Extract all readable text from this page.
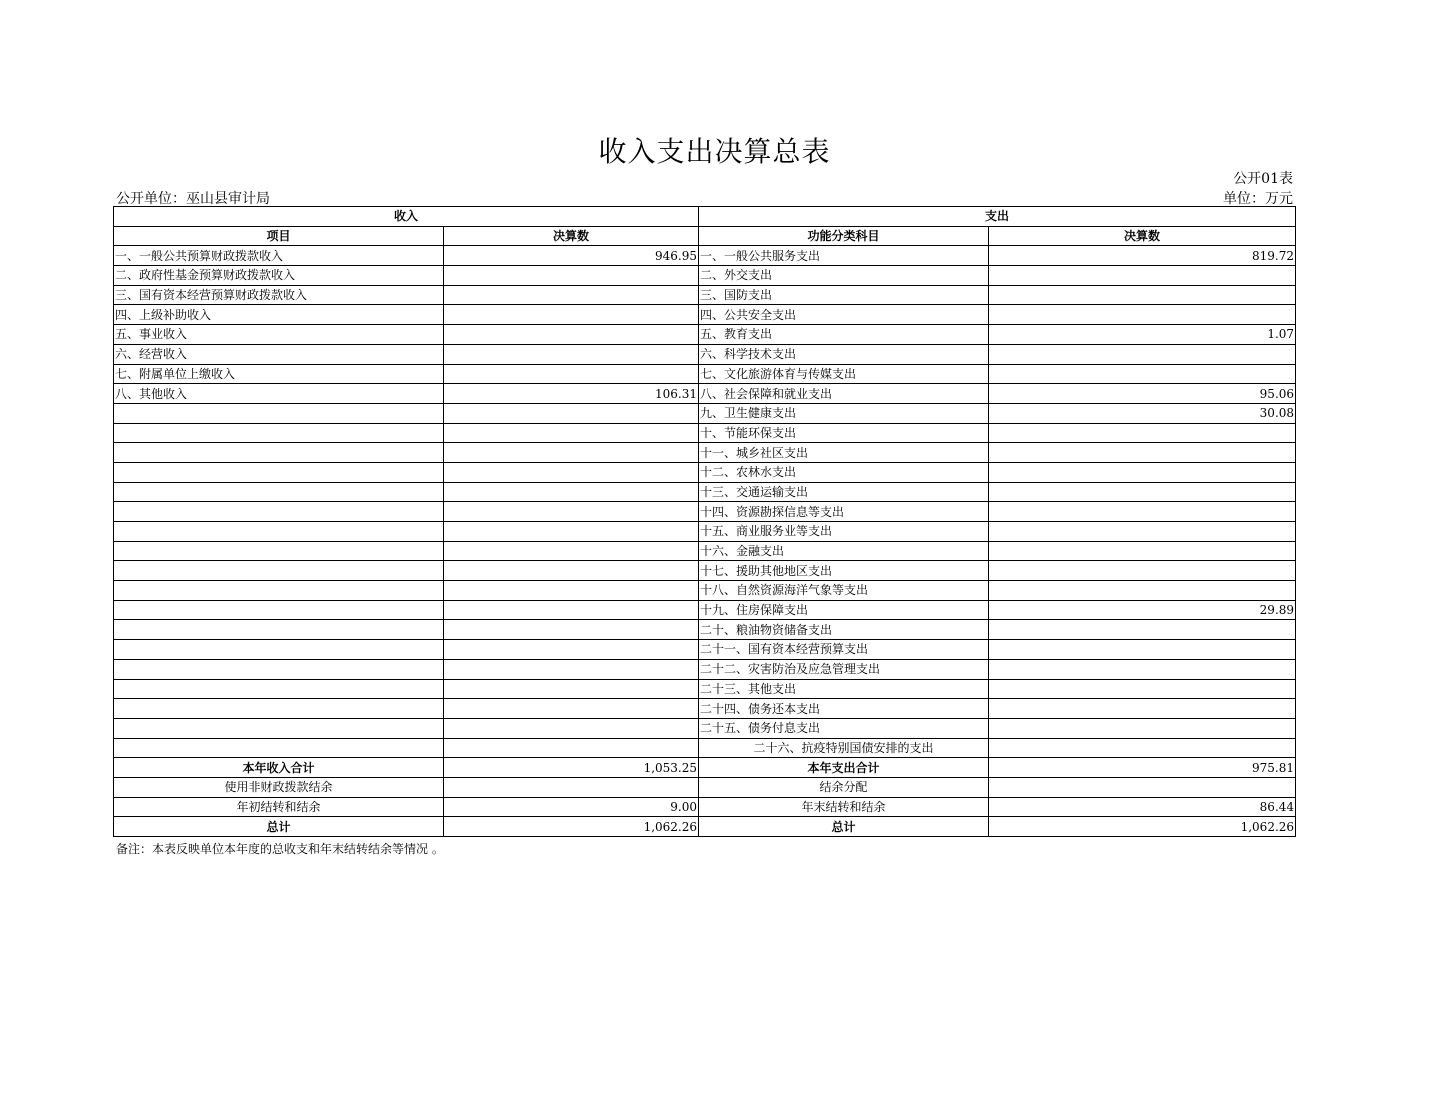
收入支出决算总表
公开01表
公开单位：巫山县审计局	单位：万元
收入		支出	
项目	决算数	功能分类科目	决算数
一、一般公共预算财政拨款收入	946.95	一、一般公共服务支出	819.72
二、政府性基金预算财政拨款收入		二、外交支出	
三、国有资本经营预算财政拨款收入		三、国防支出	
四、上级补助收入		四、公共安全支出	
五、事业收入		五、教育支出	1.07
六、经营收入		六、科学技术支出	
七、附属单位上缴收入		七、文化旅游体育与传媒支出	
八、其他收入	106.31	八、社会保障和就业支出	95.06
		九、卫生健康支出	30.08
		十、节能环保支出	
		十一、城乡社区支出	
		十二、农林水支出	
		十三、交通运输支出	
		十四、资源勘探信息等支出	
		十五、商业服务业等支出	
		十六、金融支出	
		十七、援助其他地区支出	
		十八、自然资源海洋气象等支出	
		十九、住房保障支出	29.89
		二十、粮油物资储备支出	
		二十一、国有资本经营预算支出	
		二十二、灾害防治及应急管理支出	
		二十三、其他支出	
		二十四、债务还本支出	
		二十五、债务付息支出	
		二十六、抗疫特别国债安排的支出	
本年收入合计	1,053.25	本年支出合计	975.81
使用非财政拨款结余		结余分配	
年初结转和结余	9.00	年末结转和结余	86.44
总计	1,062.26	总计	1,062.26
备注：本表反映单位本年度的总收支和年末结转结余等情况 。
